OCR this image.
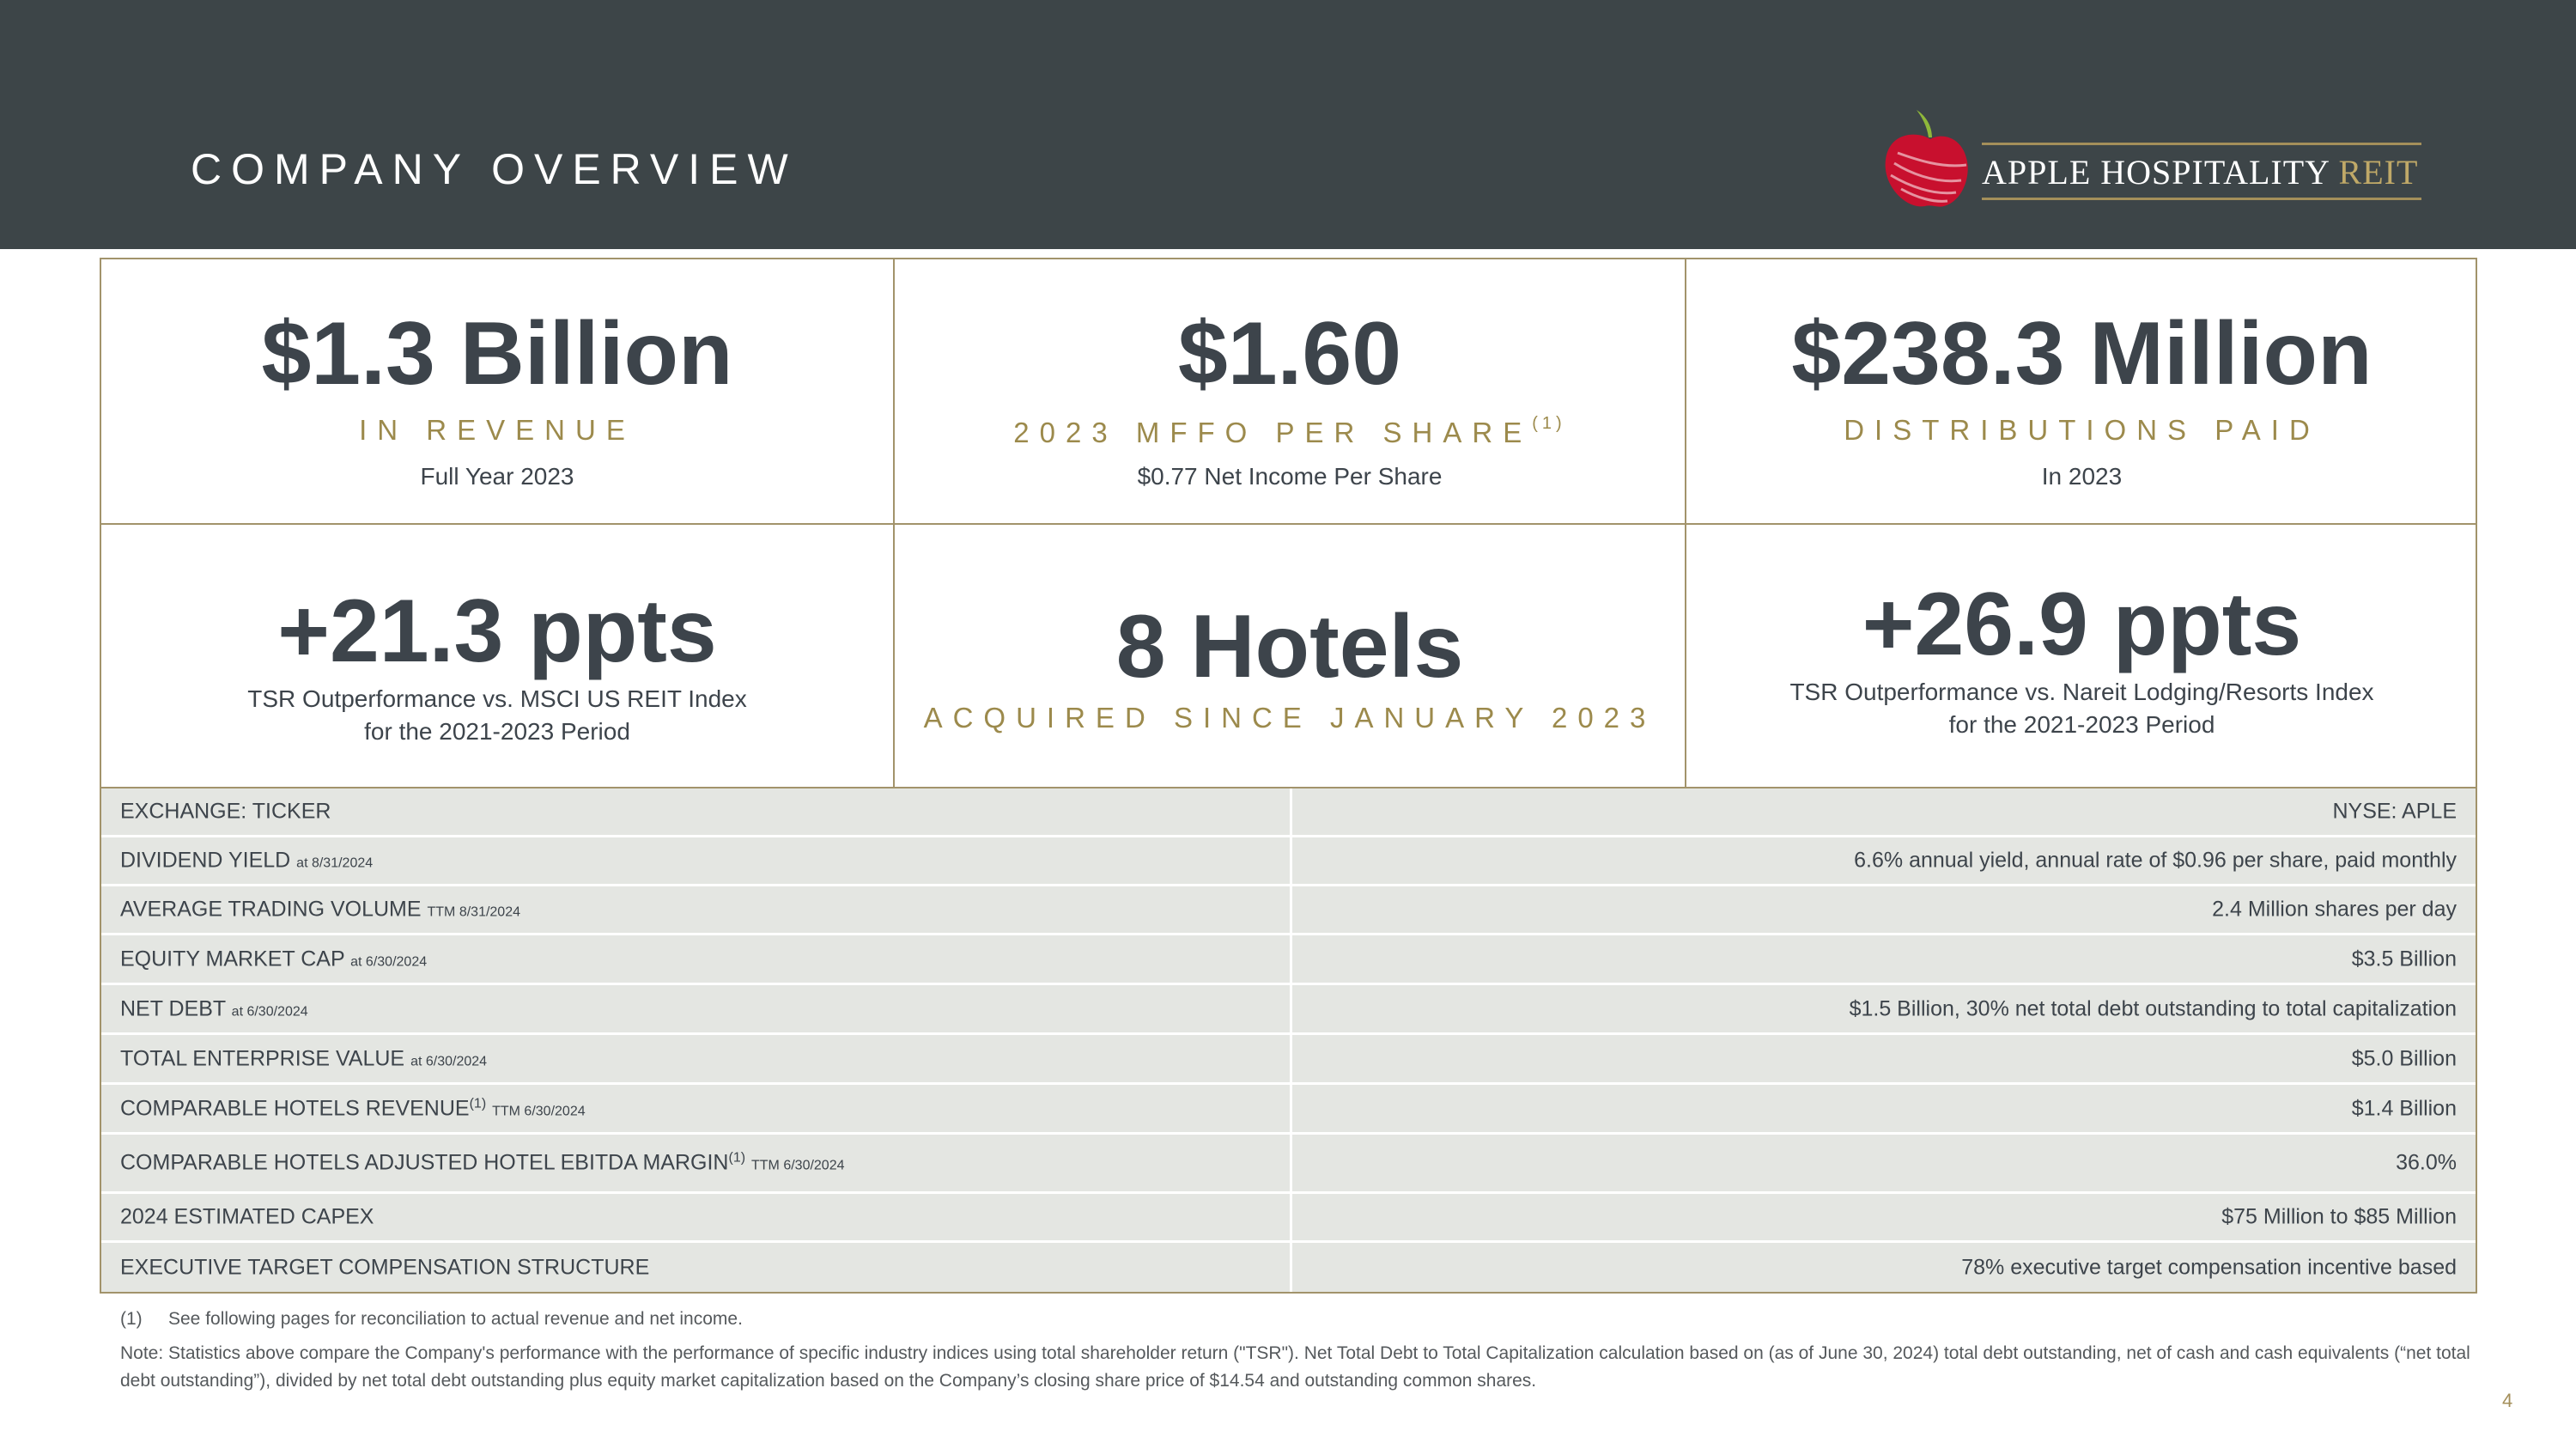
COMPANY OVERVIEW	APPLE HOSPITALITY REIT
$1.3 Billion
IN REVENUE
Full Year 2023
$1.60
2023 MFFO PER SHARE$^{(1)}$
$0.77 Net Income Per Share
$238.3 Million
DISTRIBUTIONS PAID
In 2023
+21.3 ppts
TSR Outperformance vs. MSCI US REIT Index
for the 2021-2023 Period
8 Hotels
ACQUIRED SINCE JANUARY 2023
+26.9 ppts
TSR Outperformance vs. Nareit Lodging/Resorts Index
for the 2021-2023 Period
EXCHANGE: TICKER	NYSE: APLE
DIVIDEND YIELD at 8/31/2024	6.6% annual yield, annual rate of $0.96 per share, paid monthly
AVERAGE TRADING VOLUME TTM 8/31/2024	2.4 Million shares per day
EQUITY MARKET CAP at 6/30/2024	$3.5 Billion
NET DEBT at 6/30/2024	$1.5 Billion, 30% net total debt outstanding to total capitalization
TOTAL ENTERPRISE VALUE at 6/30/2024	$5.0 Billion
COMPARABLE HOTELS REVENUE$^{(1)}$ TTM 6/30/2024	$1.4 Billion
COMPARABLE HOTELS ADJUSTED HOTEL EBITDA MARGIN$^{(1)}$ TTM 6/30/2024	36.0%
2024 ESTIMATED CAPEX	$75 Million to $85 Million
EXECUTIVE TARGET COMPENSATION STRUCTURE	78% executive target compensation incentive based
(1) See following pages for reconciliation to actual revenue and net income.
Note: Statistics above compare the Company's performance with the performance of specific industry indices using total shareholder return ("TSR"). Net Total Debt to Total Capitalization calculation based on (as of June 30, 2024) total debt outstanding, net of cash and cash equivalents (“net total debt outstanding”), divided by net total debt outstanding plus equity market capitalization based on the Company’s closing share price of $14.54 and outstanding common shares.
4
